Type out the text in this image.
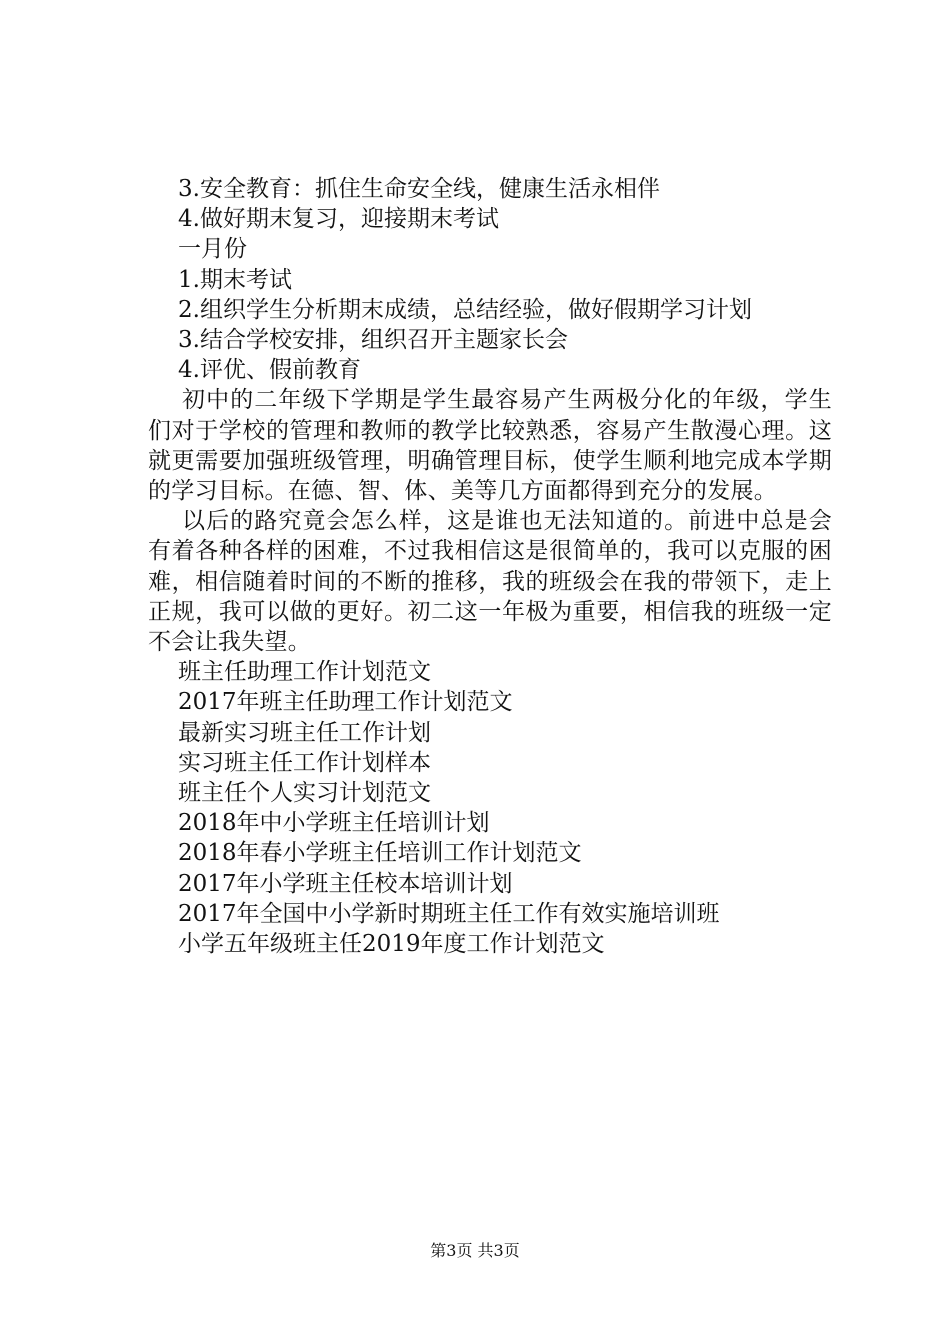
3.安全教育：抓住生命安全线，健康生活永相伴

4.做好期末复习，迎接期末考试

一月份

1.期末考试

2.组织学生分析期末成绩，总结经验，做好假期学习计划

3.结合学校安排，组织召开主题家长会

4.评优、假前教育

初中的二年级下学期是学生最容易产生两极分化的年级，学生们对于学校的管理和教师的教学比较熟悉，容易产生散漫心理。这就更需要加强班级管理，明确管理目标，使学生顺利地完成本学期的学习目标。在德、智、体、美等几方面都得到充分的发展。

以后的路究竟会怎么样，这是谁也无法知道的。前进中总是会有着各种各样的困难，不过我相信这是很简单的，我可以克服的困难，相信随着时间的不断的推移，我的班级会在我的带领下，走上正规，我可以做的更好。初二这一年极为重要，相信我的班级一定不会让我失望。

班主任助理工作计划范文

2017年班主任助理工作计划范文

最新实习班主任工作计划

实习班主任工作计划样本

班主任个人实习计划范文

2018年中小学班主任培训计划

2018年春小学班主任培训工作计划范文

2017年小学班主任校本培训计划

2017年全国中小学新时期班主任工作有效实施培训班

小学五年级班主任2019年度工作计划范文

第3页 共3页
